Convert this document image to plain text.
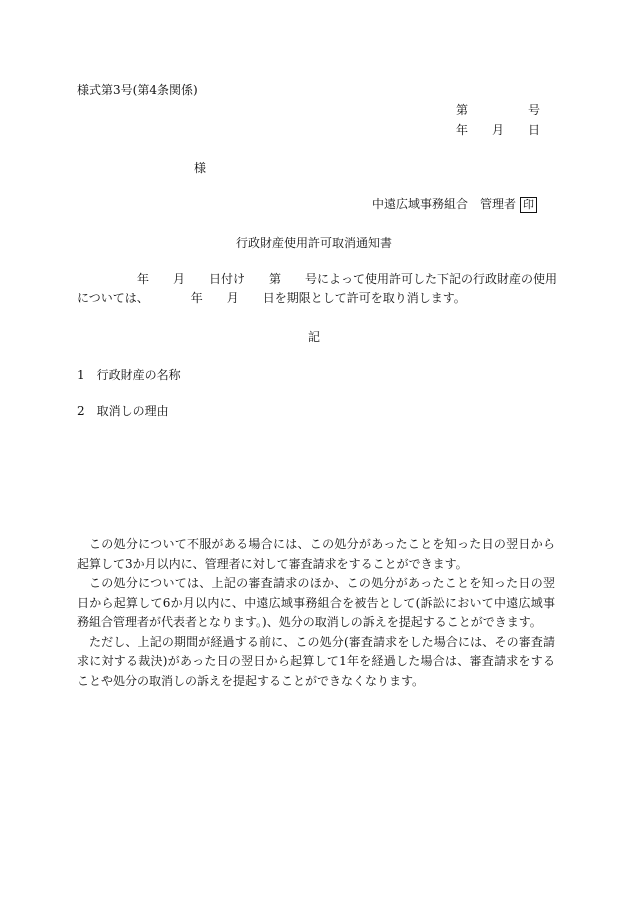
様式第3号(第4条関係)
第	号
年 月 日
様
中遠広域事務組合　 管理者 印
行政財産使用許可取消通知書
　　　　　年　　月　　日付け　　第　　号によって使用許可した下記の行政財産の使用
については、　　　　年　　月　　日を期限として許可を取り消します。
記
1　 行政財産の名称
2　 取消しの理由

この処分について不服がある場合には、この処分があったことを知った日の翌日から起算して3か月以内に、管理者に対して審査請求をすることができます。

この処分については、上記の審査請求のほか、この処分があったことを知った日の翌日から起算して6か月以内に、中遠広域事務組合を被告として(訴訟において中遠広域事務組合管理者が代表者となります。)、処分の取消しの訴えを提起することができます。

ただし、上記の期間が経過する前に、この処分(審査請求をした場合には、その審査請求に対する裁決)があった日の翌日から起算して1年を経過した場合は、審査請求をすることや処分の取消しの訴えを提起することができなくなります。
